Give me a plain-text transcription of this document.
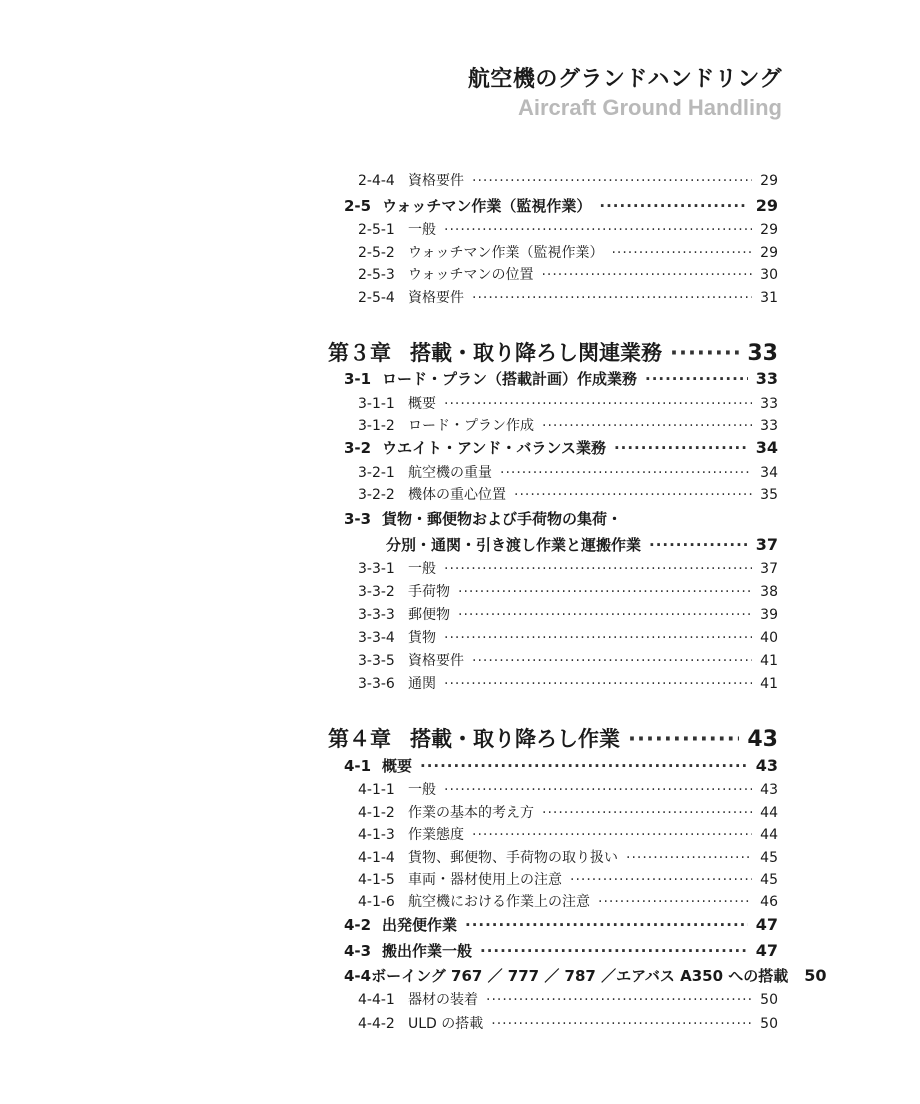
航空機のグランドハンドリング
Aircraft Ground Handling
2-4-4 資格要件 ·····	29
2-5 ウォッチマン作業（監視作業） ·····	29
2-5-1 一般 ·····	29
2-5-2 ウォッチマン作業（監視作業） ·····	29
2-5-3 ウォッチマンの位置 ·····	30
2-5-4 資格要件 ·····	31
第３章 搭載・取り降ろし関連業務 ·····	33
3-1 ロード・プラン（搭載計画）作成業務 ·····	33
3-1-1 概要 ·····	33
3-1-2 ロード・プラン作成 ·····	33
3-2 ウエイト・アンド・バランス業務 ·····	34
3-2-1 航空機の重量 ·····	34
3-2-2 機体の重心位置 ·····	35
3-3 貨物・郵便物および手荷物の集荷・
分別・通関・引き渡し作業と運搬作業 ·····	37
3-3-1 一般 ·····	37
3-3-2 手荷物 ·····	38
3-3-3 郵便物 ·····	39
3-3-4 貨物 ·····	40
3-3-5 資格要件 ·····	41
3-3-6 通関 ·····	41
第４章 搭載・取り降ろし作業 ·····	43
4-1 概要 ·····	43
4-1-1 一般 ·····	43
4-1-2 作業の基本的考え方 ·····	44
4-1-3 作業態度 ·····	44
4-1-4 貨物、郵便物、手荷物の取り扱い ·····	45
4-1-5 車両・器材使用上の注意 ·····	45
4-1-6 航空機における作業上の注意 ·····	46
4-2 出発便作業 ·····	47
4-3 搬出作業一般 ·····	47
4-4 ボーイング 767 ／ 777 ／ 787 ／エアバス A350 への搭載 50
4-4-1 器材の装着 ·····	50
4-4-2 ULD の搭載 ·····	50
